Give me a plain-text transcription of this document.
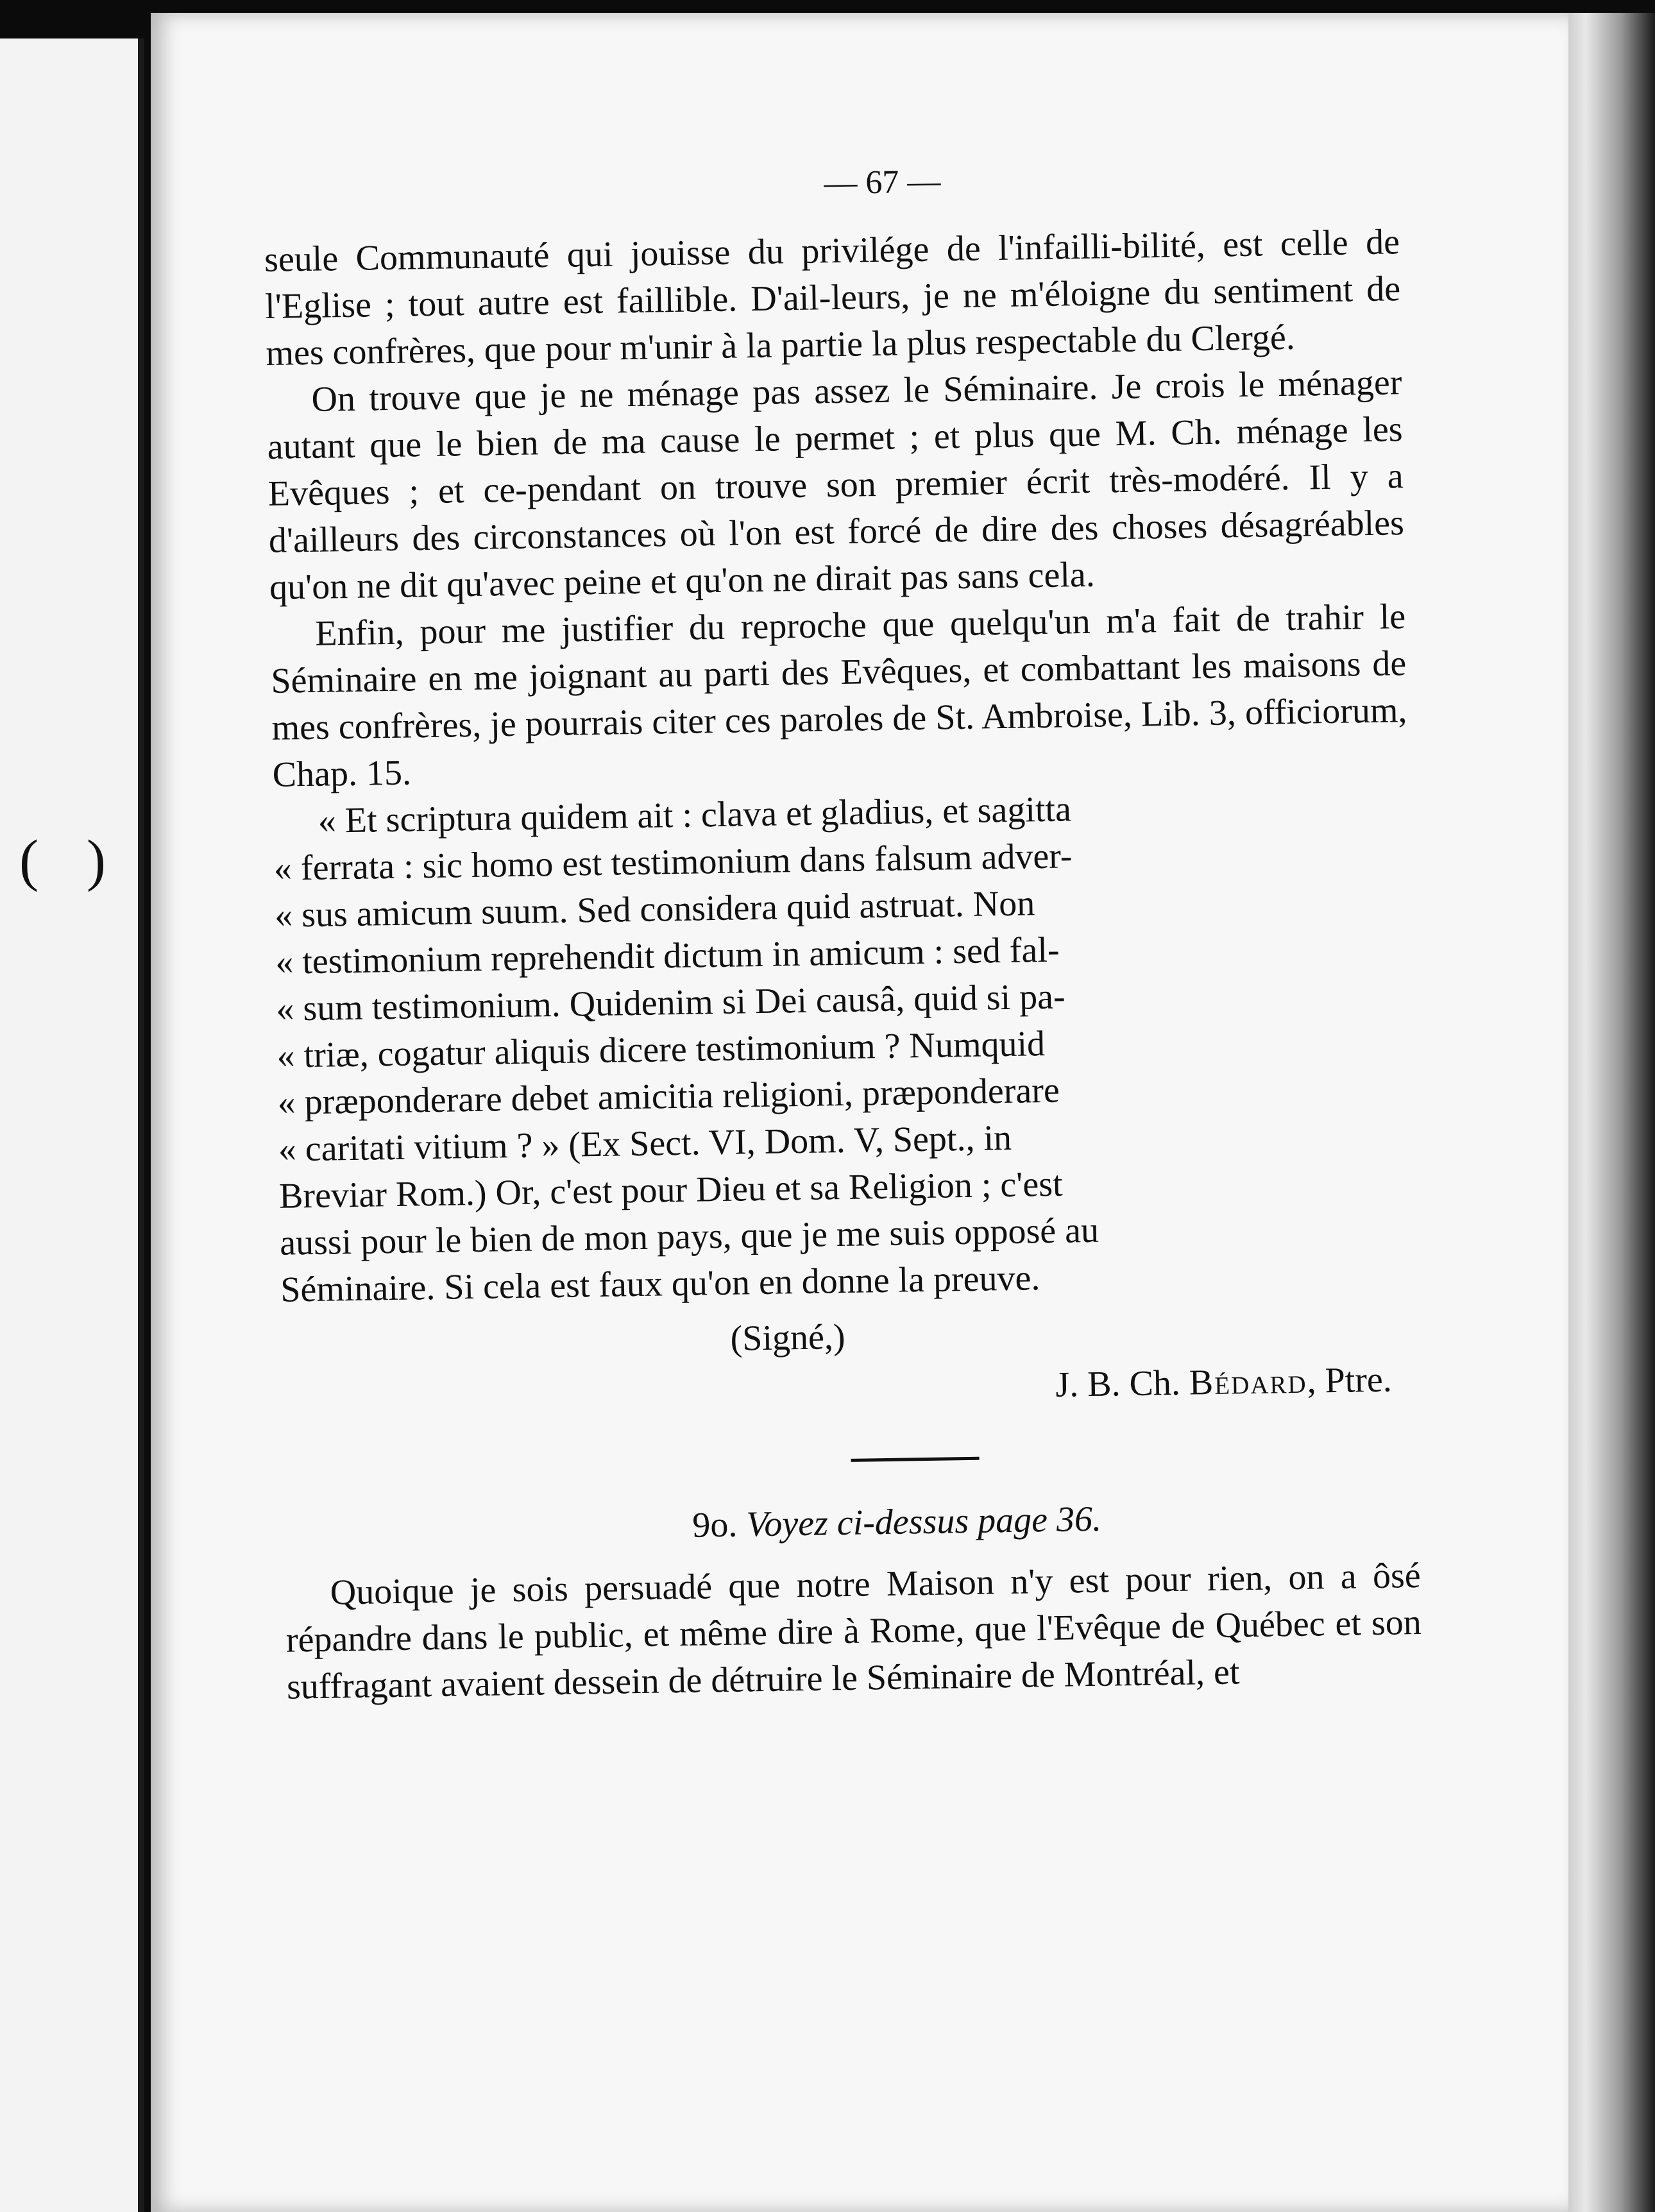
( )
— 67 —

seule Communauté qui jouisse du privilége de l'infailli-bilité, est celle de l'Eglise ; tout autre est faillible. D'ail-leurs, je ne m'éloigne du sentiment de mes confrères, que pour m'unir à la partie la plus respectable du Clergé.

On trouve que je ne ménage pas assez le Séminaire. Je crois le ménager autant que le bien de ma cause le permet ; et plus que M. Ch. ménage les Evêques ; et ce-pendant on trouve son premier écrit très-modéré. Il y a d'ailleurs des circonstances où l'on est forcé de dire des choses désagréables qu'on ne dit qu'avec peine et qu'on ne dirait pas sans cela.

Enfin, pour me justifier du reproche que quelqu'un m'a fait de trahir le Séminaire en me joignant au parti des Evêques, et combattant les maisons de mes confrères, je pourrais citer ces paroles de St. Ambroise, Lib. 3, officiorum, Chap. 15.

« Et scriptura quidem ait : clava et gladius, et sagitta
« ferrata : sic homo est testimonium dans falsum adver-
« sus amicum suum. Sed considera quid astruat. Non
« testimonium reprehendit dictum in amicum : sed fal-
« sum testimonium. Quidenim si Dei causâ, quid si pa-
« triæ, cogatur aliquis dicere testimonium ? Numquid
« præponderare debet amicitia religioni, præponderare
« caritati vitium ? » (Ex Sect. VI, Dom. V, Sept., in
Breviar Rom.) Or, c'est pour Dieu et sa Religion ; c'est
aussi pour le bien de mon pays, que je me suis opposé au
Séminaire. Si cela est faux qu'on en donne la preuve.

(Signé,)

J. B. Ch. Bédard, Ptre.

9o. Voyez ci-dessus page 36.

Quoique je sois persuadé que notre Maison n'y est pour rien, on a ôsé répandre dans le public, et même dire à Rome, que l'Evêque de Québec et son suffragant avaient dessein de détruire le Séminaire de Montréal, et
